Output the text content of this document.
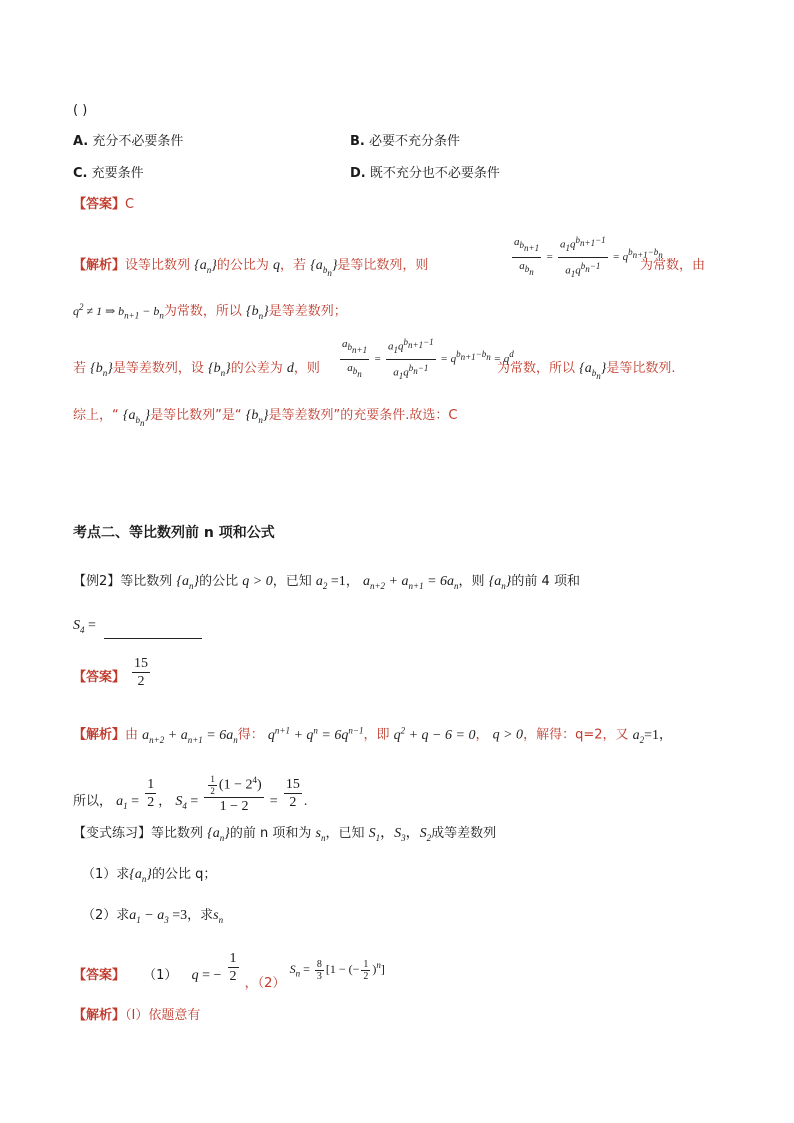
( )
A. 充分不必要条件	B. 必要不充分条件
C. 充要条件	D. 既不充分也不必要条件
【答案】C
【解析】设等比数列 $\{a_n\}$的公比为 q，若 $\{a_{b_n}\}$是等比数列，则	$\frac{a_{b_{n+1}}}{a_{b_n}} = \frac{a_1q^{b_{n+1}-1}}{a_1q^{b_n-1}} = q^{b_{n+1}-b_n}$
为常数，由
$q^2 \ne 1$ ⇒ $b_{n+1} - b_n$为常数，所以 $\{b_n\}$是等差数列；
若 $\{b_n\}$是等差数列，设 $\{b_n\}$的公差为 d，则 $\frac{a_{b_{n+1}}}{a_{b_n}} = \frac{a_1q^{b_{n+1}-1}}{a_1q^{b_n-1}} = q^{b_{n+1}-b_n} = q^d$
为常数，所以 $\{a_{b_n}\}$是等比数列.
综上，“ $\{a_{b_n}\}$是等比数列”是“ $\{b_n\}$是等差数列”的充要条件.故选：C
考点二、等比数列前 n 项和公式
【例2】等比数列 $\{a_n\}$的公比 q > 0，已知 $a_2 =1$， $a_{n+2} + a_{n+1} = 6a_n$，则 $\{a_n\}$的前 4 项和
$S_4$ =
【答案】 $\frac{15}{2}$
【解析】由 $a_{n+2} + a_{n+1} = 6a_n$得： $q^{n+1} + q^n = 6q^{n-1}$，即 $q^2 + q - 6 = 0$， q > 0，解得：q=2，又 $a_2=1$，
所以， $a_1 = \frac{1}{2}$ ， $S_4 = \frac{\frac{1}{2} (1 - 2^4)}{1 - 2} = \frac{15}{2}$ .
【变式练习】等比数列 $\{a_n\}$的前 n 项和为 $s_n$，已知 $S_1$，$S_3$，$S_2$成等差数列
（1）求$\{a_n\}$的公比 q；
（2）求$a_1 - a_3 =3$，求$s_n$
【答案】 （1） q = − $\frac{1}{2}$ ，（2） $S_n = \frac{8}{3} [1$ − (− $\frac{1}{2} )^n$]
【解析】（Ⅰ）依题意有
